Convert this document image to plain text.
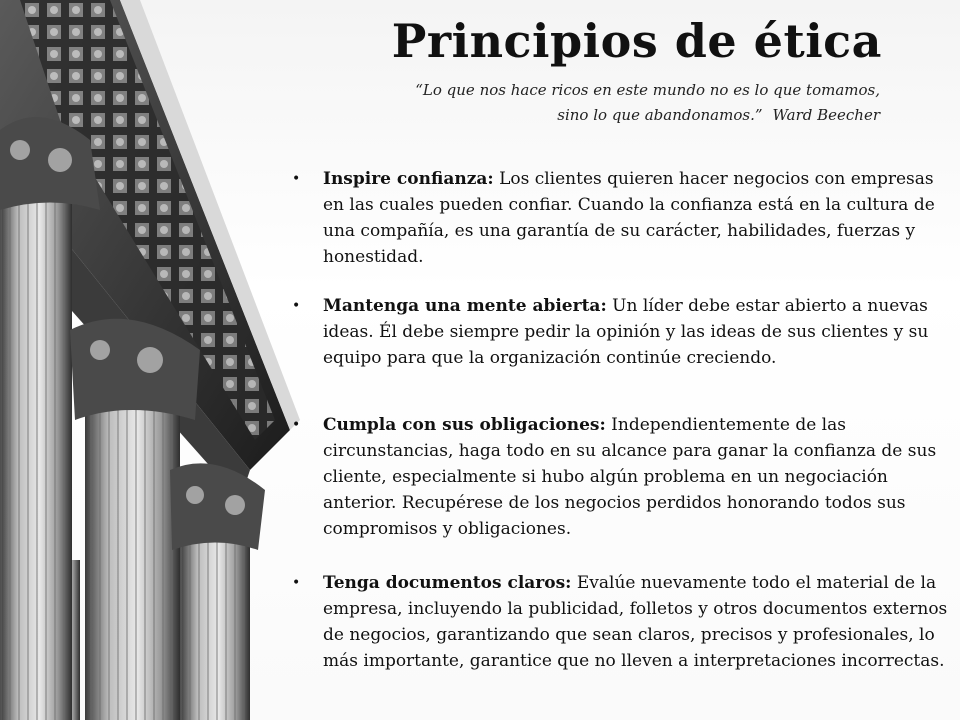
Principios de ética
“Lo que nos hace ricos en este mundo no es lo que tomamos,
sino lo que abandonamos.” Ward Beecher
• Inspire confianza: Los clientes quieren hacer negocios con empresas en las cuales pueden confiar. Cuando la confianza está en la cultura de una compañía, es una garantía de su carácter, habilidades, fuerzas y honestidad.
• Mantenga una mente abierta: Un líder debe estar abierto a nuevas ideas. Él debe siempre pedir la opinión y las ideas de sus clientes y su equipo para que la organización continúe creciendo.
• Cumpla con sus obligaciones: Independientemente de las circunstancias, haga todo en su alcance para ganar la confianza de sus cliente, especialmente si hubo algún problema en un negociación anterior. Recupérese de los negocios perdidos honorando todos sus compromisos y obligaciones.
• Tenga documentos claros: Evalúe nuevamente todo el material de la empresa, incluyendo la publicidad, folletos y otros documentos externos de negocios, garantizando que sean claros, precisos y profesionales, lo más importante, garantice que no lleven a interpretaciones incorrectas.
